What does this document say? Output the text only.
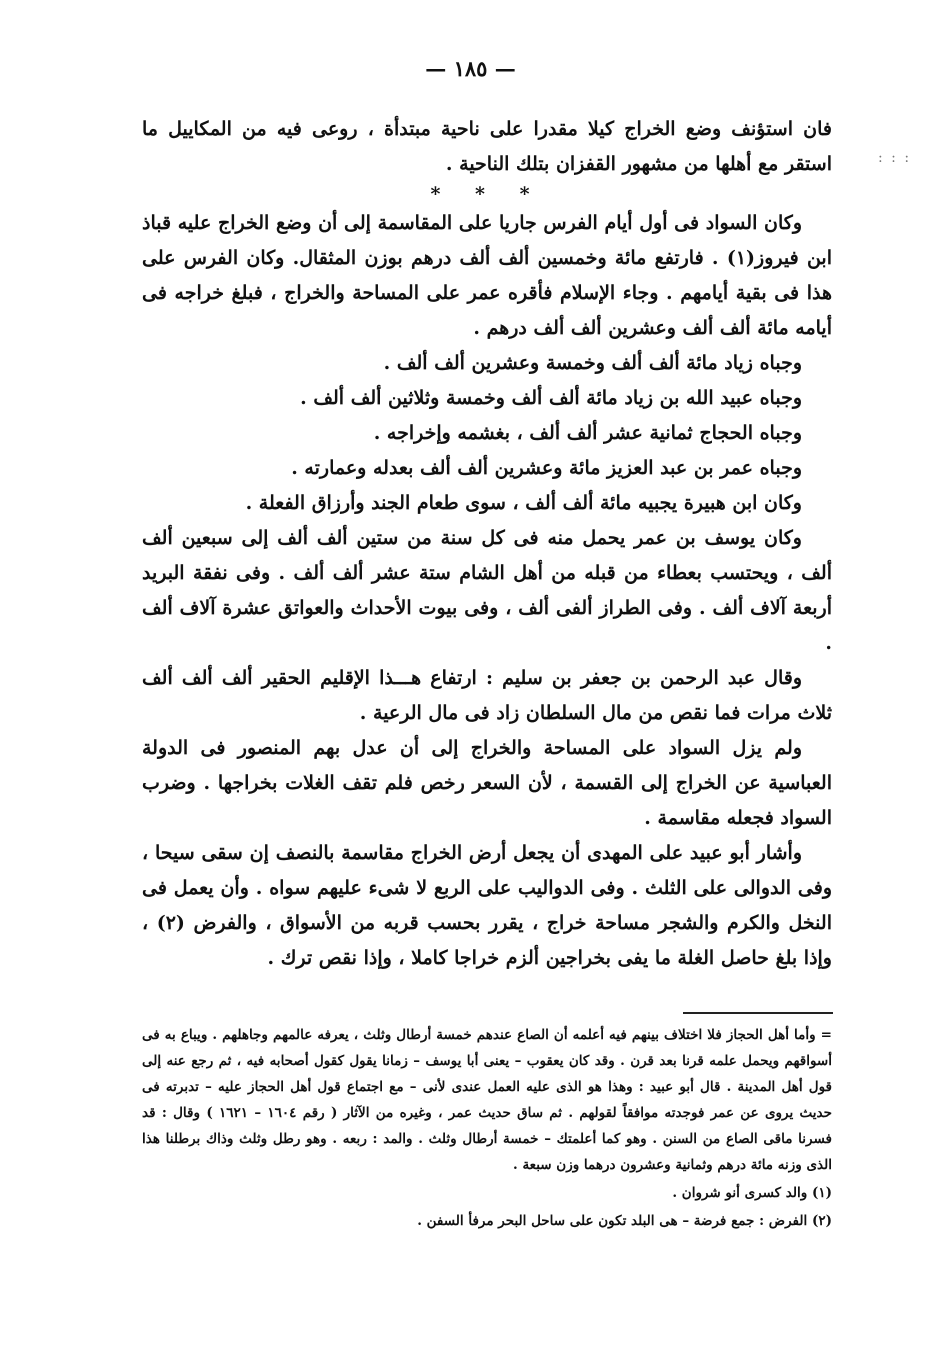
— ١٨٥ —
: : :

فان استؤنف وضع الخراج كيلا مقدرا على ناحية مبتدأة ، روعى فيه من المكاييل ما استقر مع أهلها من مشهور القفزان بتلك الناحية .

* * *

وكان السواد فى أول أيام الفرس جاريا على المقاسمة إلى أن وضع الخراج عليه قباذ ابن فيروز(١) . فارتفع مائة وخمسين ألف ألف درهم بوزن المثقال. وكان الفرس على هذا فى بقية أيامهم . وجاء الإسلام فأقره عمر على المساحة والخراج ، فبلغ خراجه فى أيامه مائة ألف ألف وعشرين ألف ألف درهم .

وجباه زياد مائة ألف ألف وخمسة وعشرين ألف ألف .

وجباه عبيد الله بن زياد مائة ألف ألف وخمسة وثلاثين ألف ألف .

وجباه الحجاج ثمانية عشر ألف ألف ، بغشمه وإخراجه .

وجباه عمر بن عبد العزيز مائة وعشرين ألف ألف بعدله وعمارته .

وكان ابن هبيرة يجبيه مائة ألف ألف ، سوى طعام الجند وأرزاق الفعلة .

وكان يوسف بن عمر يحمل منه فى كل سنة من ستين ألف ألف إلى سبعين ألف ألف ، ويحتسب بعطاء من قبله من أهل الشام ستة عشر ألف ألف . وفى نفقة البريد أربعة آلاف ألف . وفى الطراز ألفى ألف ، وفى بيوت الأحداث والعواتق عشرة آلاف ألف .

وقال عبد الرحمن بن جعفر بن سليم : ارتفاع هـــذا الإقليم الحقير ألف ألف ألف ثلاث مرات فما نقص من مال السلطان زاد فى مال الرعية .

ولم يزل السواد على المساحة والخراج إلى أن عدل بهم المنصور فى الدولة العباسية عن الخراج إلى القسمة ، لأن السعر رخص فلم تقف الغلات بخراجها . وضرب السواد فجعله مقاسمة .

وأشار أبو عبيد على المهدى أن يجعل أرض الخراج مقاسمة بالنصف إن سقى سيحا ، وفى الدوالى على الثلث . وفى الدواليب على الربع لا شىء عليهم سواه . وأن يعمل فى النخل والكرم والشجر مساحة خراج ، يقرر بحسب قربه من الأسواق ، والفرض (٢) ، وإذا بلغ حاصل الغلة ما يفى بخراجين ألزم خراجا كاملا ، وإذا نقص ترك .

= وأما أهل الحجاز فلا اختلاف بينهم فيه أعلمه أن الصاع عندهم خمسة أرطال وثلث ، يعرفه عالمهم وجاهلهم . ويباع به فى أسواقهم ويحمل علمه قرنا بعد قرن . وقد كان يعقوب – يعنى أبا يوسف – زمانا يقول كقول أصحابه فيه ، ثم رجع عنه إلى قول أهل المدينة . قال أبو عبيد : وهذا هو الذى عليه العمل عندى لأنى – مع اجتماع قول أهل الحجاز عليه – تدبرته فى حديث يروى عن عمر فوجدته موافقاً لقولهم . ثم ساق حديث عمر ، وغيره من الآثار ( رقم ١٦٠٤ – ١٦٢١ ) وقال : قد فسرنا ماقى الصاع من السنن . وهو كما أعلمتك – خمسة أرطال وثلث . والمد : ربعه . وهو رطل وثلث وذاك برطلنا هذا الذى وزنه مائة درهم وثمانية وعشرون درهما وزن سبعة .

(١) والد كسرى أنو شروان .

(٢) الفرض : جمع فرضة – هى البلد تكون على ساحل البحر مرفأ السفن .
